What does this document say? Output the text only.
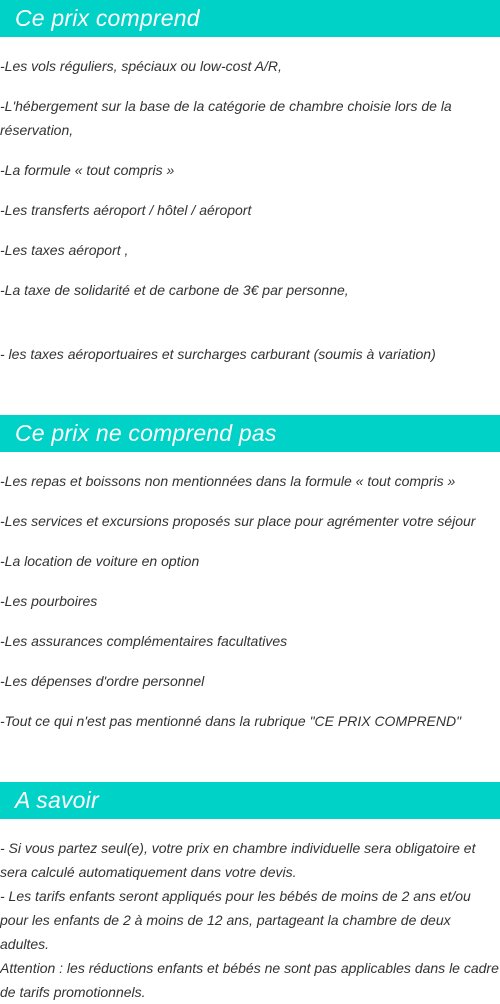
Ce prix comprend
-Les vols réguliers, spéciaux ou low-cost A/R,
-L'hébergement sur la base de la catégorie de chambre choisie lors de la réservation,
-La formule « tout compris »
-Les transferts aéroport / hôtel / aéroport
-Les taxes aéroport ,
-La taxe de solidarité et de carbone de 3€ par personne,
- les taxes aéroportuaires et surcharges carburant (soumis à variation)
Ce prix ne comprend pas
-Les repas et boissons non mentionnées dans la formule « tout compris »
-Les services et excursions proposés sur place pour agrémenter votre séjour
-La location de voiture en option
-Les pourboires
-Les assurances complémentaires facultatives
-Les dépenses d'ordre personnel
-Tout ce qui n'est pas mentionné dans la rubrique "CE PRIX COMPREND"
A savoir

- Si vous partez seul(e), votre prix en chambre individuelle sera obligatoire et sera calculé automatiquement dans votre devis.

- Les tarifs enfants seront appliqués pour les bébés de moins de 2 ans et/ou pour les enfants de 2 à moins de 12 ans, partageant la chambre de deux adultes.

Attention : les réductions enfants et bébés ne sont pas applicables dans le cadre de tarifs promotionnels.
